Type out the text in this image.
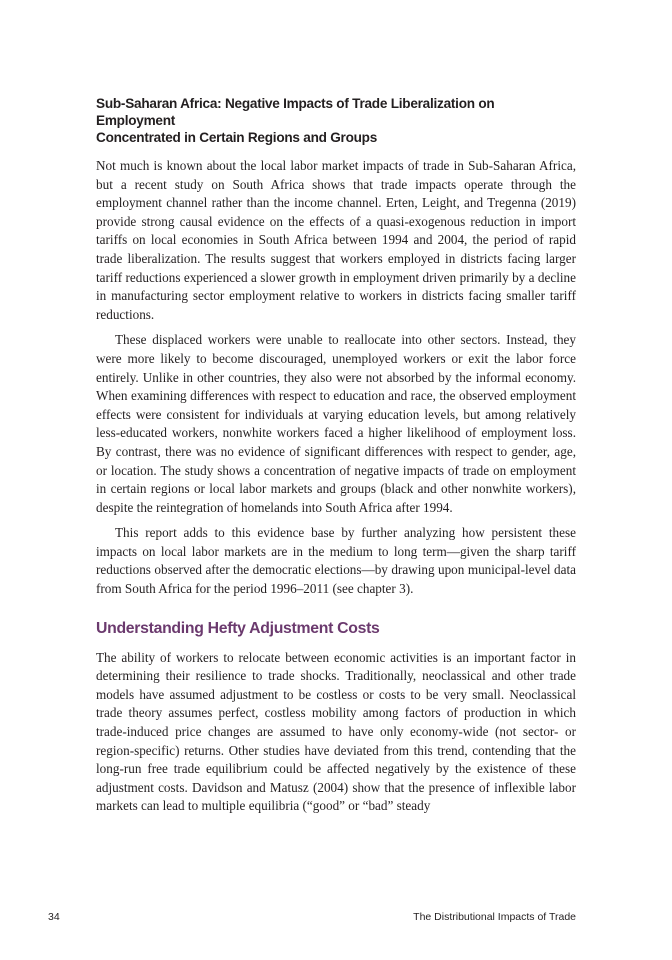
Sub-Saharan Africa: Negative Impacts of Trade Liberalization on Employment
Concentrated in Certain Regions and Groups

Not much is known about the local labor market impacts of trade in Sub-Saharan Africa, but a recent study on South Africa shows that trade impacts operate through the employment channel rather than the income channel. Erten, Leight, and Tregenna (2019) provide strong causal evidence on the effects of a quasi-exogenous reduction in import tariffs on local economies in South Africa between 1994 and 2004, the period of rapid trade liberalization. The results suggest that workers employed in districts facing larger tariff reductions experienced a slower growth in employment driven primarily by a decline in manufacturing sector employment relative to workers in districts facing smaller tariff reductions.

These displaced workers were unable to reallocate into other sectors. Instead, they were more likely to become discouraged, unemployed workers or exit the labor force entirely. Unlike in other countries, they also were not absorbed by the informal economy. When examining differences with respect to education and race, the observed employment effects were consistent for individuals at varying education levels, but among relatively less-educated workers, nonwhite workers faced a higher likelihood of employment loss. By contrast, there was no evidence of significant differences with respect to gender, age, or location. The study shows a concentration of negative impacts of trade on employment in certain regions or local labor markets and groups (black and other nonwhite workers), despite the reintegration of homelands into South Africa after 1994.

This report adds to this evidence base by further analyzing how persistent these impacts on local labor markets are in the medium to long term—given the sharp tariff reductions observed after the democratic elections—by drawing upon municipal-level data from South Africa for the period 1996–2011 (see chapter 3).

Understanding Hefty Adjustment Costs

The ability of workers to relocate between economic activities is an important factor in determining their resilience to trade shocks. Traditionally, neoclassical and other trade models have assumed adjustment to be costless or costs to be very small. Neoclassical trade theory assumes perfect, costless mobility among factors of production in which trade-induced price changes are assumed to have only economy-wide (not sector- or region-specific) returns. Other studies have deviated from this trend, contending that the long-run free trade equilibrium could be affected negatively by the existence of these adjustment costs. Davidson and Matusz (2004) show that the presence of inflexible labor markets can lead to multiple equilibria (“good” or “bad” steady

34	The Distributional Impacts of Trade
